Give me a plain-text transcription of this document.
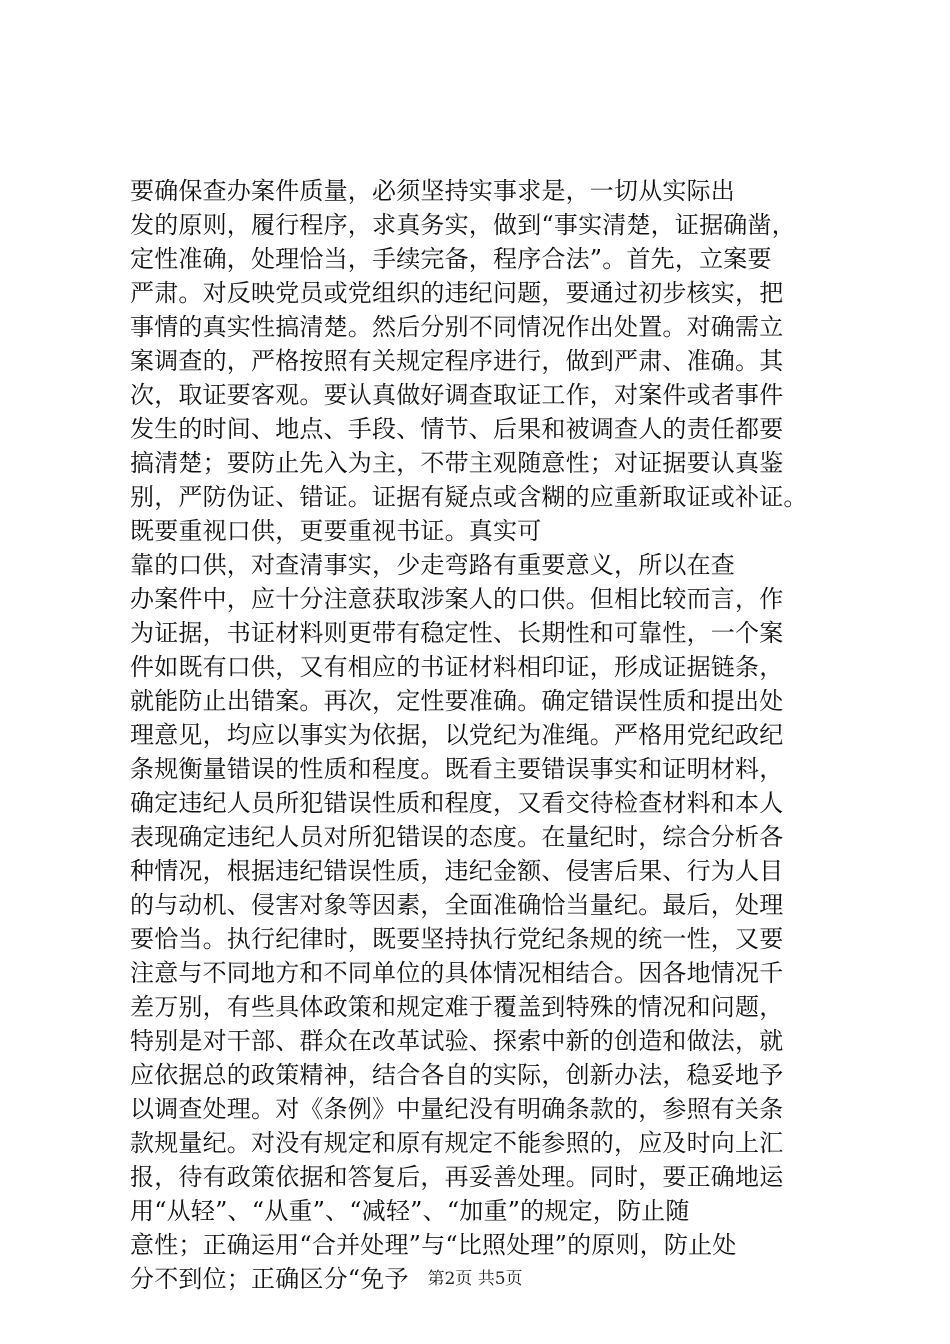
要确保查办案件质量，必须坚持实事求是，一切从实际出
发的原则，履行程序，求真务实，做到“事实清楚，证据确凿，
定性准确，处理恰当，手续完备，程序合法”。首先，立案要
严肃。对反映党员或党组织的违纪问题，要通过初步核实，把
事情的真实性搞清楚。然后分别不同情况作出处置。对确需立
案调查的，严格按照有关规定程序进行，做到严肃、准确。其
次，取证要客观。要认真做好调查取证工作，对案件或者事件
发生的时间、地点、手段、情节、后果和被调查人的责任都要
搞清楚；要防止先入为主，不带主观随意性；对证据要认真鉴
别，严防伪证、错证。证据有疑点或含糊的应重新取证或补证。
既要重视口供，更要重视书证。真实可
靠的口供，对查清事实，少走弯路有重要意义，所以在查
办案件中，应十分注意获取涉案人的口供。但相比较而言，作
为证据，书证材料则更带有稳定性、长期性和可靠性，一个案
件如既有口供，又有相应的书证材料相印证，形成证据链条，
就能防止出错案。再次，定性要准确。确定错误性质和提出处
理意见，均应以事实为依据，以党纪为准绳。严格用党纪政纪
条规衡量错误的性质和程度。既看主要错误事实和证明材料，
确定违纪人员所犯错误性质和程度，又看交待检查材料和本人
表现确定违纪人员对所犯错误的态度。在量纪时，综合分析各
种情况，根据违纪错误性质，违纪金额、侵害后果、行为人目
的与动机、侵害对象等因素，全面准确恰当量纪。最后，处理
要恰当。执行纪律时，既要坚持执行党纪条规的统一性，又要
注意与不同地方和不同单位的具体情况相结合。因各地情况千
差万别，有些具体政策和规定难于覆盖到特殊的情况和问题，
特别是对干部、群众在改革试验、探索中新的创造和做法，就
应依据总的政策精神，结合各自的实际，创新办法，稳妥地予
以调查处理。对《条例》中量纪没有明确条款的，参照有关条
款规量纪。对没有规定和原有规定不能参照的，应及时向上汇
报，待有政策依据和答复后，再妥善处理。同时，要正确地运
用“从轻”、“从重”、“减轻”、“加重”的规定，防止随
意性；正确运用“合并处理”与“比照处理”的原则，防止处
分不到位；正确区分“免予	第2页 共5页
